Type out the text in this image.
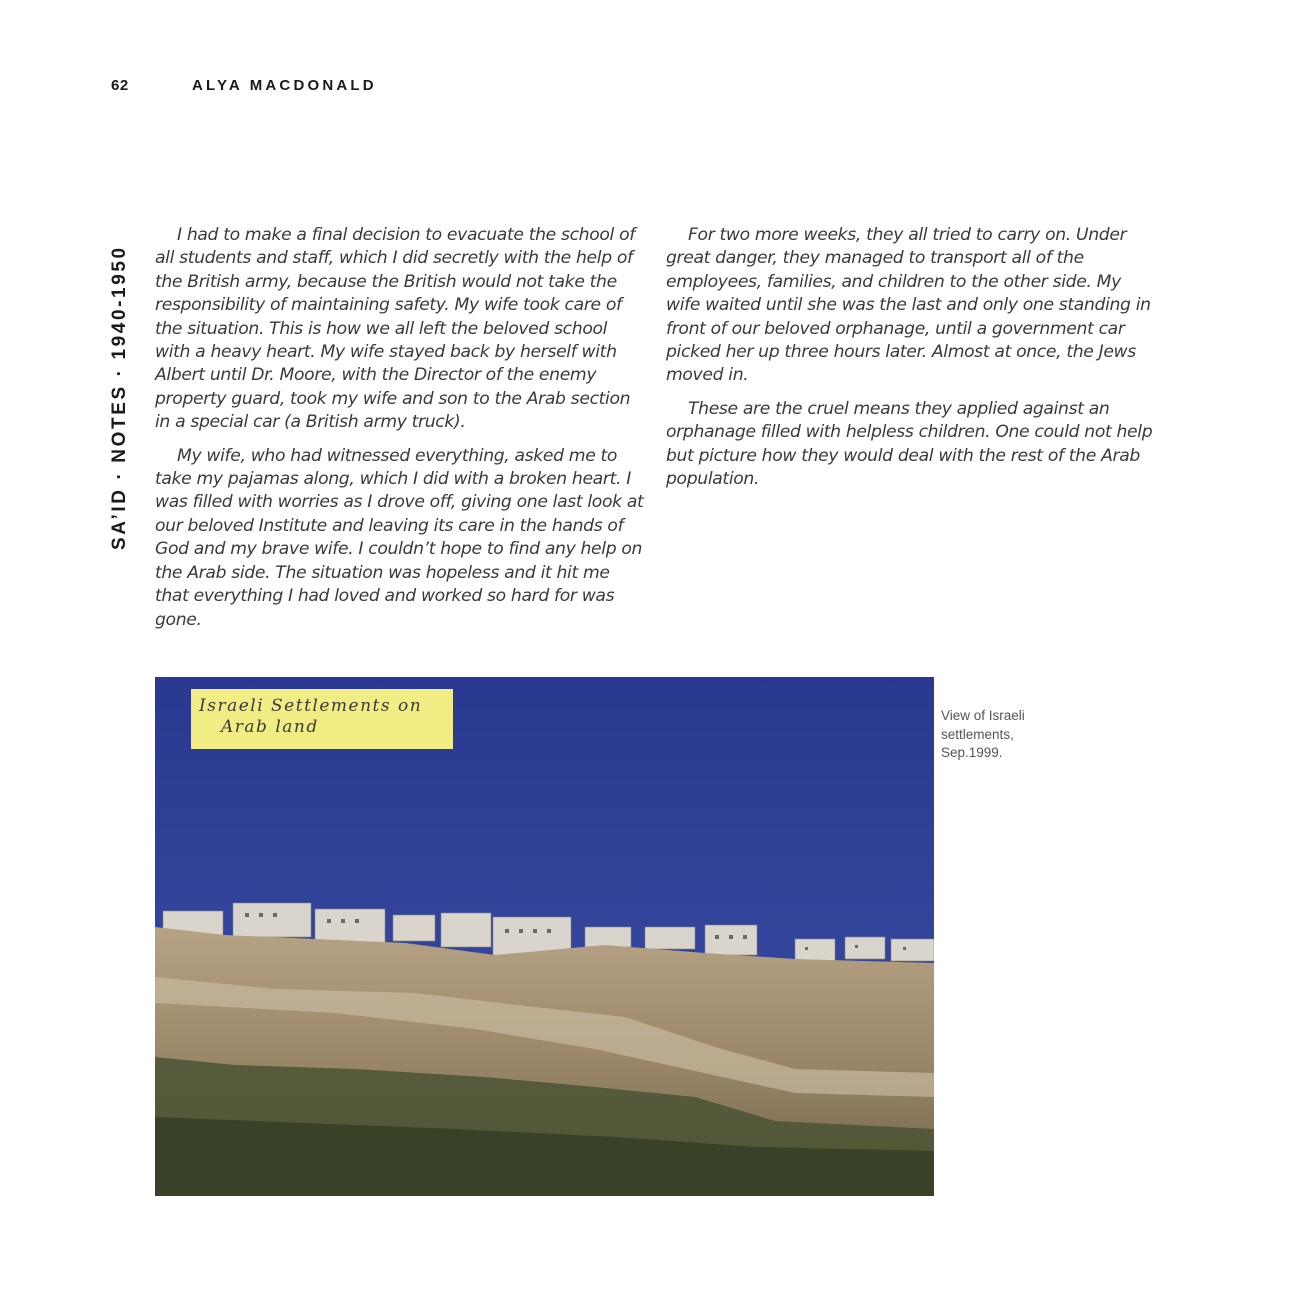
62	ALYA MACDONALD
SA’ID · NOTES · 1940-1950

I had to make a final decision to evacuate the school of all students and staff, which I did secretly with the help of the British army, because the British would not take the responsibility of maintaining safety. My wife took care of the situation. This is how we all left the beloved school with a heavy heart. My wife stayed back by herself with Albert until Dr. Moore, with the Director of the enemy property guard, took my wife and son to the Arab section in a special car (a British army truck).

My wife, who had witnessed everything, asked me to take my pajamas along, which I did with a broken heart. I was filled with worries as I drove off, giving one last look at our beloved Institute and leaving its care in the hands of God and my brave wife. I couldn’t hope to find any help on the Arab side. The situation was hopeless and it hit me that everything I had loved and worked so hard for was gone.

For two more weeks, they all tried to carry on. Under great danger, they managed to transport all of the employees, families, and children to the other side. My wife waited until she was the last and only one standing in front of our beloved orphanage, until a government car picked her up three hours later. Almost at once, the Jews moved in.

These are the cruel means they applied against an orphanage filled with helpless children. One could not help but picture how they would deal with the rest of the Arab population.

Israeli Settlements on
Arab land
View of Israeli
settlements,
Sep.1999.
